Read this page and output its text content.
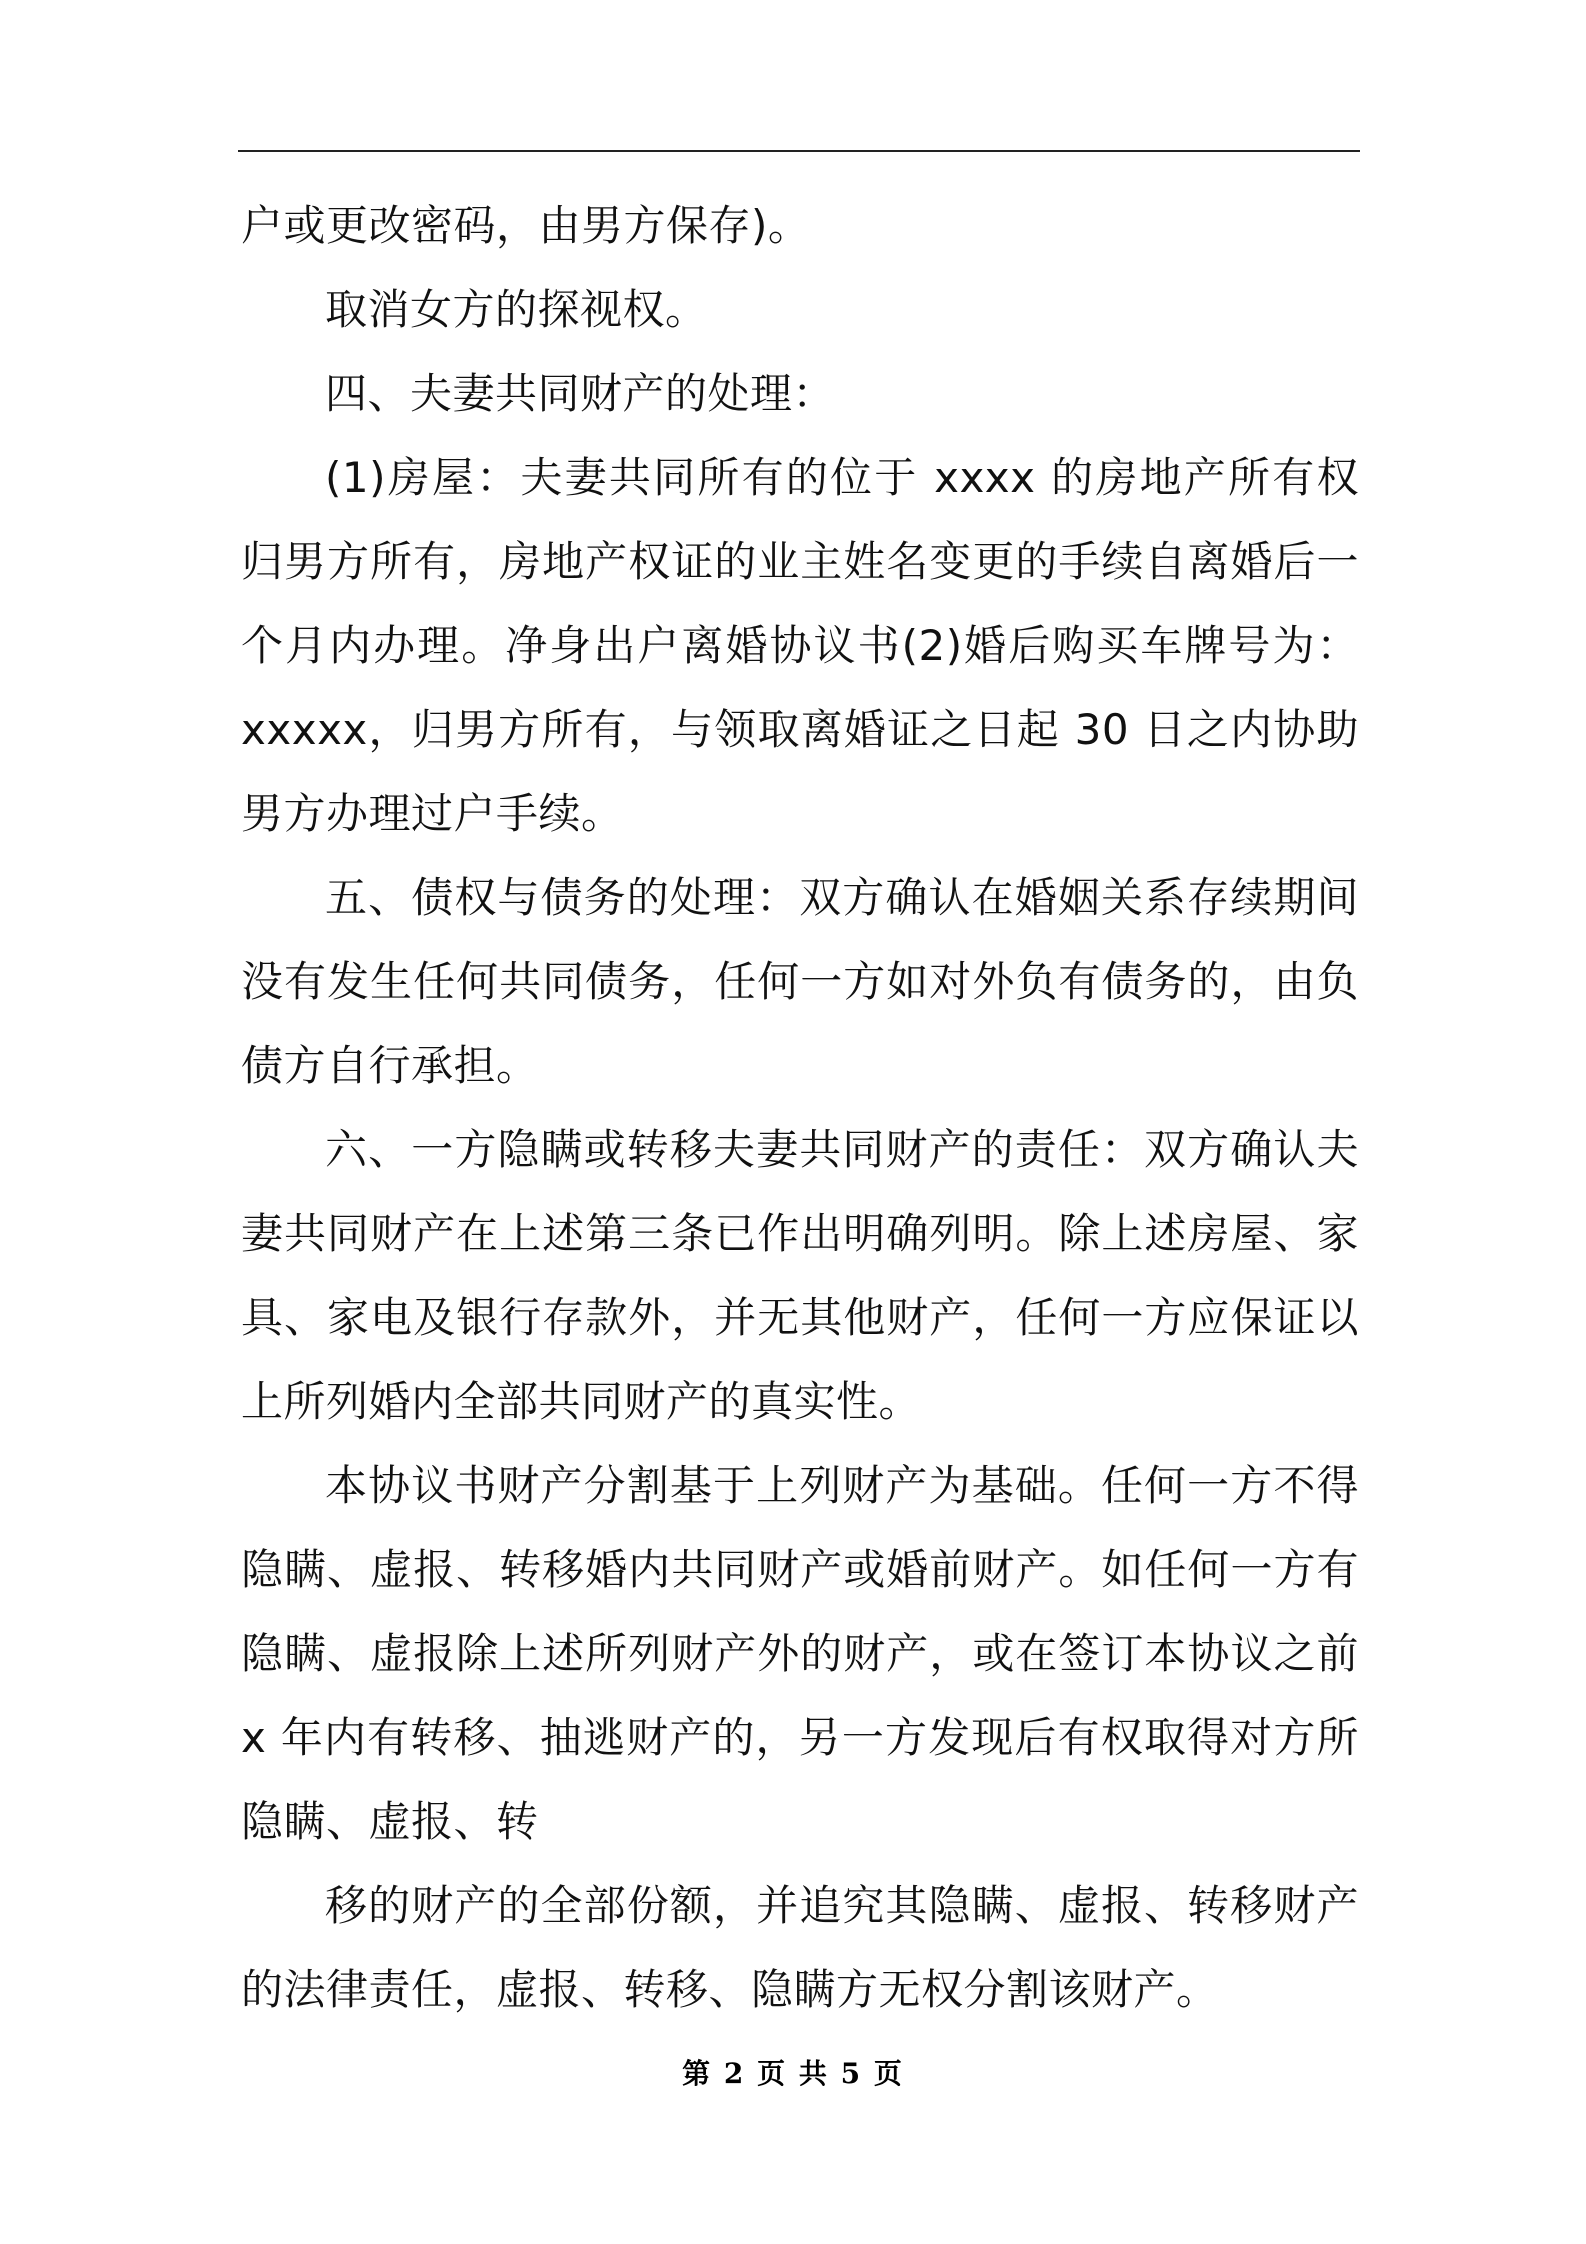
户或更改密码，由男方保存)。

取消女方的探视权。

四、夫妻共同财产的处理：

(1)房屋：夫妻共同所有的位于 xxxx 的房地产所有权归男方所有，房地产权证的业主姓名变更的手续自离婚后一个月内办理。净身出户离婚协议书(2)婚后购买车牌号为：xxxxx，归男方所有，与领取离婚证之日起 30 日之内协助男方办理过户手续。

五、债权与债务的处理：双方确认在婚姻关系存续期间没有发生任何共同债务，任何一方如对外负有债务的，由负债方自行承担。

六、一方隐瞒或转移夫妻共同财产的责任：双方确认夫妻共同财产在上述第三条已作出明确列明。除上述房屋、家具、家电及银行存款外，并无其他财产，任何一方应保证以上所列婚内全部共同财产的真实性。

本协议书财产分割基于上列财产为基础。任何一方不得隐瞒、虚报、转移婚内共同财产或婚前财产。如任何一方有隐瞒、虚报除上述所列财产外的财产，或在签订本协议之前 x 年内有转移、抽逃财产的，另一方发现后有权取得对方所隐瞒、虚报、转

移的财产的全部份额，并追究其隐瞒、虚报、转移财产的法律责任，虚报、转移、隐瞒方无权分割该财产。

第 2 页 共 5 页
